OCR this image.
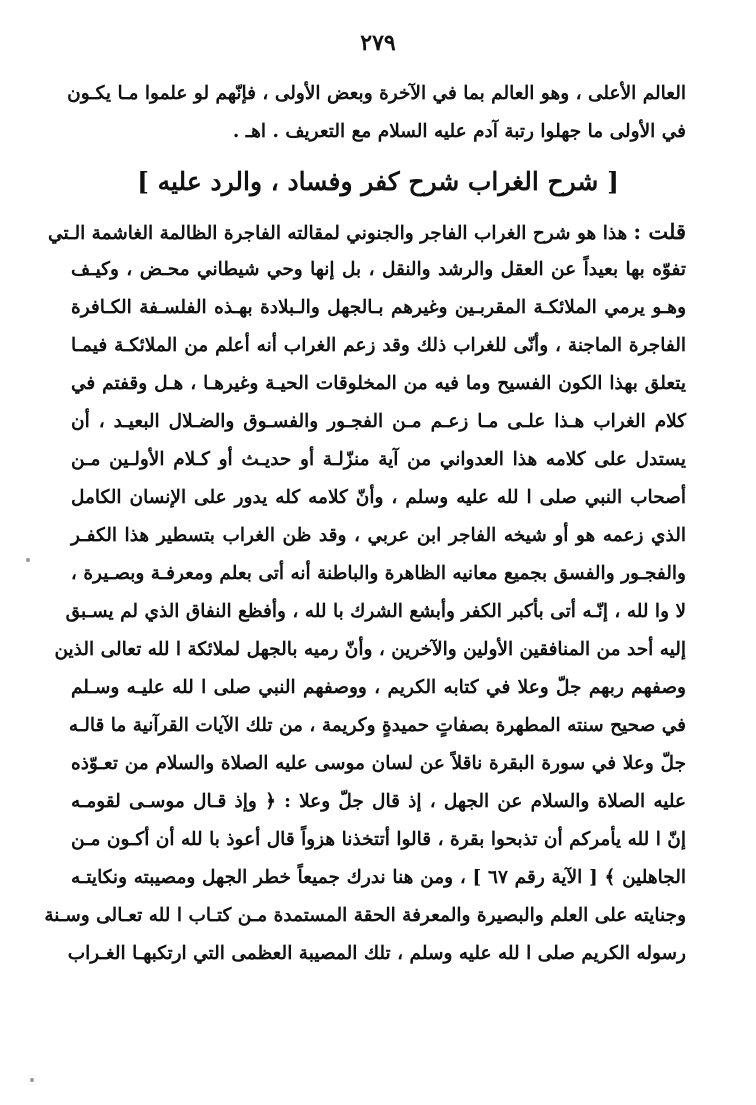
٢٧٩
العالم الأعلى ، وهو العالم بما في الآخرة وبعض الأولى ، فإنّهم لو علموا مـا يكـون
في الأولى ما جهلوا رتبة آدم عليه السلام مع التعريف . اهـ .
[ شرح الغراب شرح كفر وفساد ، والرد عليه ]
قلت :هذا هو شرح الغراب الفاجر والجنوني لمقالته الفاجرة الظالمة الغاشمة الـتي
تفوّه بها بعيداً عن العقل والرشد والنقل ، بل إنها وحي شيطاني محـض ، وكيـف
وهـو يرمي الملائكـة المقربـين وغيرهم بـالجهل والـبلادة بهـذه الفلسـفة الكـافرة
الفاجرة الماجنة ، وأنّى للغراب ذلك وقد زعم الغراب أنه أعلم من الملائكـة فيمـا
يتعلق بهذا الكون الفسيح وما فيه من المخلوقات الحيـة وغيرهـا ، هـل وقفتم في
كلام الغراب هـذا علـى مـا زعـم مـن الفجـور والفسـوق والضـلال البعيـد ، أن
يستدل على كلامه هذا العدواني من آية منزّلـة أو حديـث أو كـلام الأولـين مـن
أصحاب النبي صلى ا لله عليه وسلم ، وأنّ كلامه كله يدور على الإنسان الكامل
الذي زعمه هو أو شيخه الفاجر ابن عربي ، وقد ظن الغراب بتسطير هذا الكفـر
والفجـور والفسق بجميع معانيه الظاهرة والباطنة أنه أتى بعلم ومعرفـة وبصـيرة ،
لا وا لله ، إنّـه أتى بأكبر الكفر وأبشع الشرك با لله ، وأفظع النفاق الذي لم يسـبق
إليه أحد من المنافقين الأولين والآخرين ، وأنّ رميه بالجهل لملائكة ا لله تعالى الذين
وصفهم ربهم جلّ وعلا في كتابه الكريم ، ووصفهم النبي صلى ا لله عليـه وسـلم
في صحيح سنته المطهرة بصفاتٍ حميدةٍ وكريمة ، من تلك الآيات القرآنية ما قالـه
جلّ وعلا في سورة البقرة ناقلاً عن لسان موسى عليه الصلاة والسلام من تعـوّذه
عليه الصلاة والسلام عن الجهل ، إذ قال جلّ وعلا : ﴿ وإذ قـال موسـى لقومـه
إنّ ا لله يأمركم أن تذبحوا بقرة ، قالوا أتتخذنا هزواً قال أعوذ با لله أن أكـون مـن
الجاهلين ﴾ [ الآية رقم ٦٧ ] ، ومن هنا ندرك جميعاً خطر الجهل ومصيبته ونكايتـه
وجنايته على العلم والبصيرة والمعرفة الحقة المستمدة مـن كتـاب ا لله تعـالى وسـنة
رسوله الكريم صلى ا لله عليه وسلم ، تلك المصيبة العظمى التي ارتكبهـا الغـراب
